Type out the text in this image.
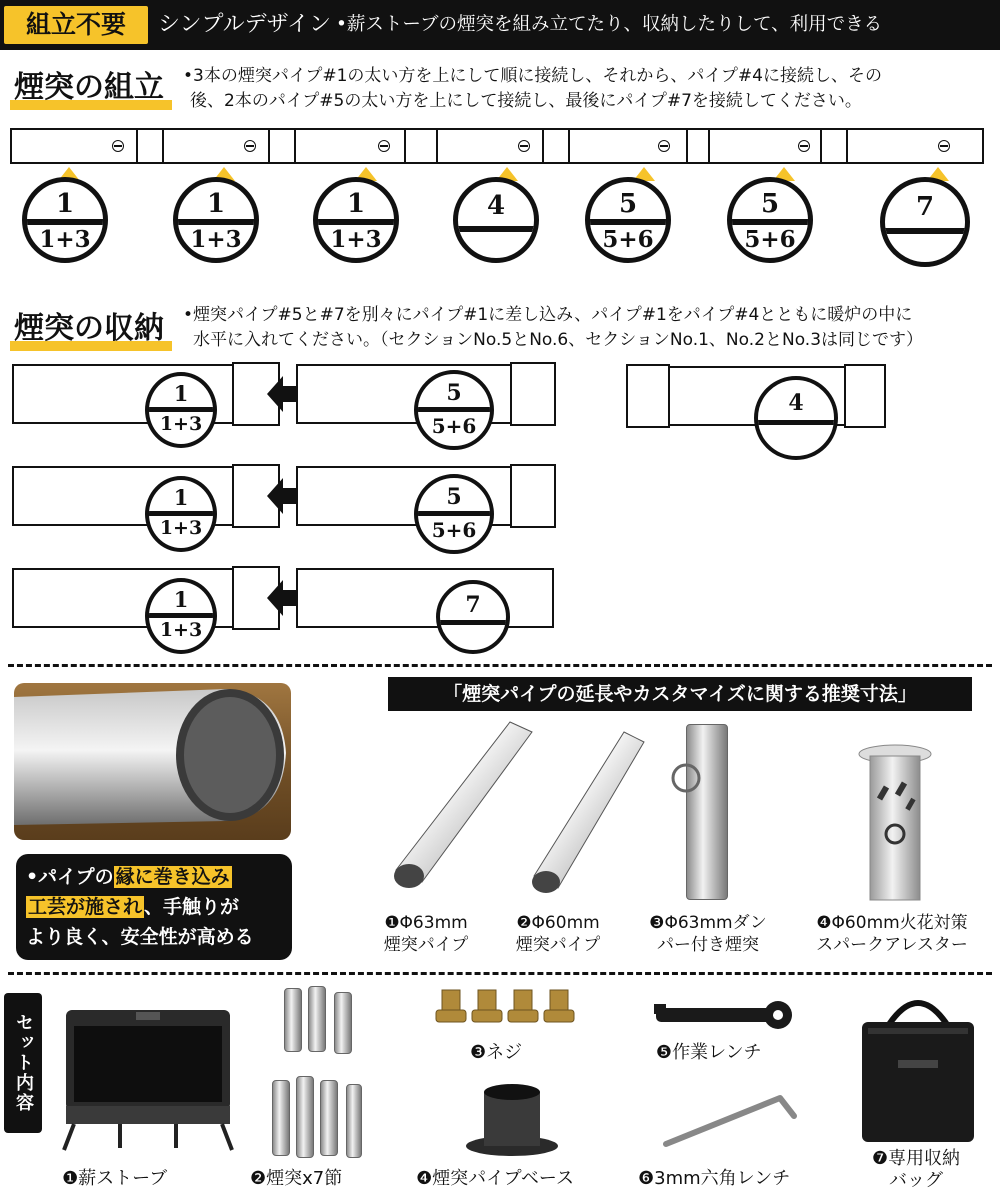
組立不要	シンプルデザイン •薪ストーブの煙突を組み立てたり、収納したりして、利用できる
煙突の組立	•3本の煙突パイプ#1の太い方を上にして順に接続し、それから、パイプ#4に接続し、その
後、2本のパイプ#5の太い方を上にして接続し、最後にパイプ#7を接続してください。
1
1+3
1
1+3
1
1+3
4	5
5+6
5
5+6
7
煙突の収納	•煙突パイプ#5と#7を別々にパイプ#1に差し込み、パイプ#1をパイプ#4とともに暖炉の中に
水平に入れてください。（セクションNo.5とNo.6、セクションNo.1、No.2とNo.3は同じです）
1
1+3
5
5+6
1
1+3
5
5+6
1
1+3
7
4
•パイプの 縁に巻き込み
工芸が施され 、手触りが
より良く、安全性が高める
「煙突パイプの延長やカスタマイズに関する推奨寸法」
❶Φ63mm
煙突パイプ
❷Φ60mm
煙突パイプ
❸Φ63mmダン
パー付き煙突
❹Φ60mm火花対策
スパークアレスター
セット内容
❶薪ストーブ	❷煙突x7節
❸ネジ
❹煙突パイプベース
❺作業レンチ
❻3mm六角レンチ
❼専用収納
バッグ
